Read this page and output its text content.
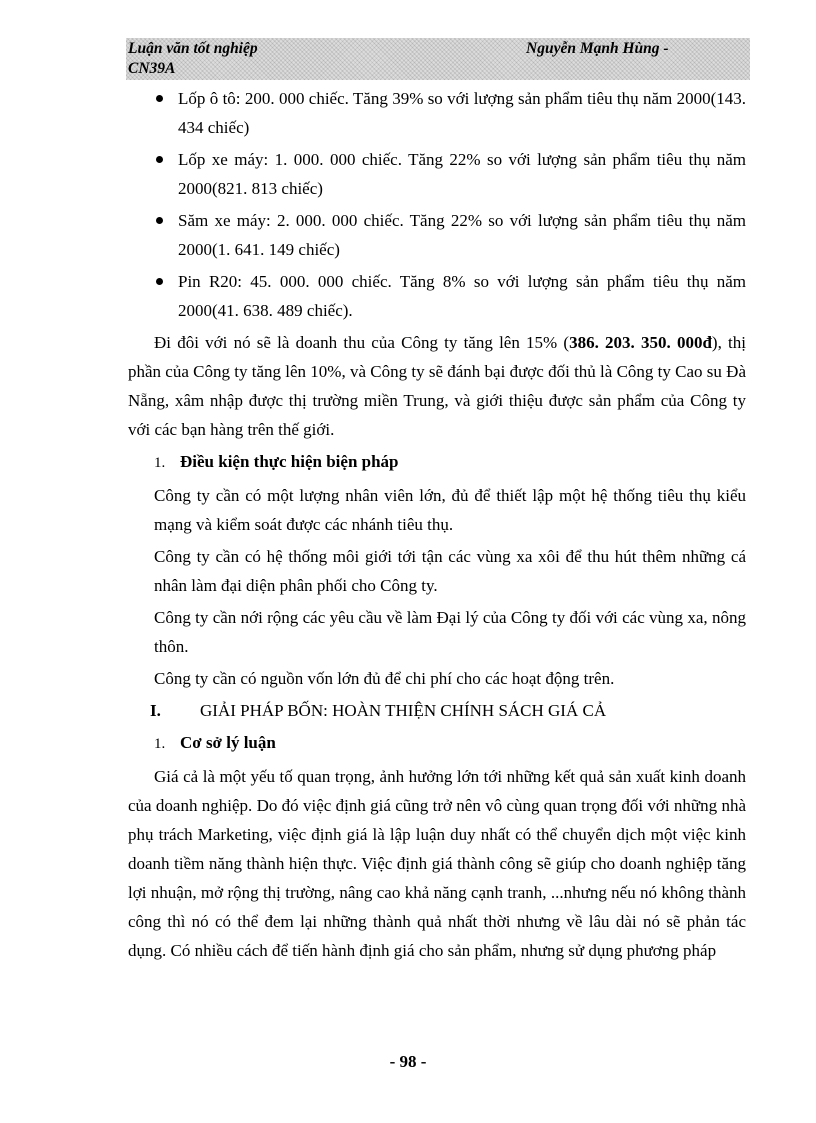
Luận văn tốt nghiệp	Nguyễn Mạnh Hùng -
CN39A
Lốp ô tô: 200. 000 chiếc. Tăng 39% so với lượng sản phẩm tiêu thụ năm 2000(143. 434 chiếc)
Lốp xe máy: 1. 000. 000 chiếc. Tăng 22% so với lượng sản phẩm tiêu thụ năm 2000(821. 813 chiếc)
Săm xe máy: 2. 000. 000 chiếc. Tăng 22% so với lượng sản phẩm tiêu thụ năm 2000(1. 641. 149 chiếc)
Pin R20: 45. 000. 000 chiếc. Tăng 8% so với lượng sản phẩm tiêu thụ năm 2000(41. 638. 489 chiếc).

Đi đôi với nó sẽ là doanh thu của Công ty tăng lên 15% (386. 203. 350. 000đ), thị phần của Công ty tăng lên 10%, và Công ty sẽ đánh bại được đối thủ là Công ty Cao su Đà Nẵng, xâm nhập được thị trường miền Trung, và giới thiệu được sản phẩm của Công ty với các bạn hàng trên thế giới.

1. Điều kiện thực hiện biện pháp

Công ty cần có một lượng nhân viên lớn, đủ để thiết lập một hệ thống tiêu thụ kiểu mạng và kiểm soát được các nhánh tiêu thụ.

Công ty cần có hệ thống môi giới tới tận các vùng xa xôi để thu hút thêm những cá nhân làm đại diện phân phối cho Công ty.

Công ty cần nới rộng các yêu cầu về làm Đại lý của Công ty đối với các vùng xa, nông thôn.

Công ty cần có nguồn vốn lớn đủ để chi phí cho các hoạt động trên.

I. GIẢI PHÁP BỐN: HOÀN THIỆN CHÍNH SÁCH GIÁ CẢ
1. Cơ sở lý luận

Giá cả là một yếu tố quan trọng, ảnh hưởng lớn tới những kết quả sản xuất kinh doanh của doanh nghiệp. Do đó việc định giá cũng trở nên vô cùng quan trọng đối với những nhà phụ trách Marketing, việc định giá là lập luận duy nhất có thể chuyển dịch một việc kinh doanh tiềm năng thành hiện thực. Việc định giá thành công sẽ giúp cho doanh nghiệp tăng lợi nhuận, mở rộng thị trường, nâng cao khả năng cạnh tranh, ...nhưng nếu nó không thành công thì nó có thể đem lại những thành quả nhất thời nhưng về lâu dài nó sẽ phản tác dụng. Có nhiều cách để tiến hành định giá cho sản phẩm, nhưng sử dụng phương pháp

- 98 -
